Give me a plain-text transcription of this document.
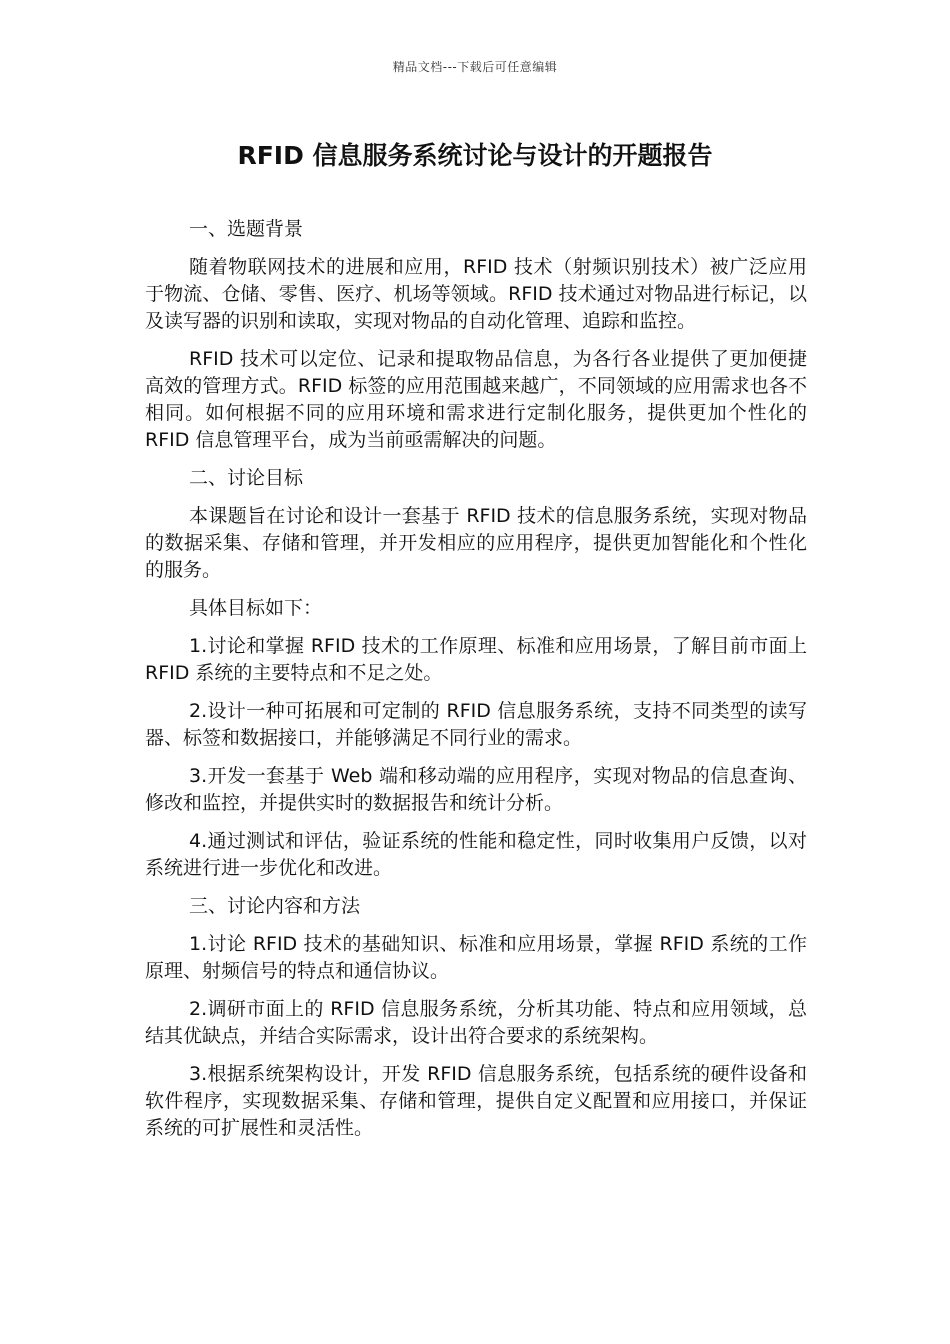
精品文档---下载后可任意编辑
RFID 信息服务系统讨论与设计的开题报告

一、选题背景

随着物联网技术的进展和应用，RFID 技术（射频识别技术）被广泛应用于物流、仓储、零售、医疗、机场等领域。RFID 技术通过对物品进行标记，以及读写器的识别和读取，实现对物品的自动化管理、追踪和监控。

RFID 技术可以定位、记录和提取物品信息，为各行各业提供了更加便捷高效的管理方式。RFID 标签的应用范围越来越广，不同领域的应用需求也各不相同。如何根据不同的应用环境和需求进行定制化服务，提供更加个性化的 RFID 信息管理平台，成为当前亟需解决的问题。

二、讨论目标

本课题旨在讨论和设计一套基于 RFID 技术的信息服务系统，实现对物品的数据采集、存储和管理，并开发相应的应用程序，提供更加智能化和个性化的服务。

具体目标如下：

1.讨论和掌握 RFID 技术的工作原理、标准和应用场景，了解目前市面上 RFID 系统的主要特点和不足之处。

2.设计一种可拓展和可定制的 RFID 信息服务系统，支持不同类型的读写器、标签和数据接口，并能够满足不同行业的需求。

3.开发一套基于 Web 端和移动端的应用程序，实现对物品的信息查询、修改和监控，并提供实时的数据报告和统计分析。

4.通过测试和评估，验证系统的性能和稳定性，同时收集用户反馈，以对系统进行进一步优化和改进。

三、讨论内容和方法

1.讨论 RFID 技术的基础知识、标准和应用场景，掌握 RFID 系统的工作原理、射频信号的特点和通信协议。

2.调研市面上的 RFID 信息服务系统，分析其功能、特点和应用领域，总结其优缺点，并结合实际需求，设计出符合要求的系统架构。

3.根据系统架构设计，开发 RFID 信息服务系统，包括系统的硬件设备和软件程序，实现数据采集、存储和管理，提供自定义配置和应用接口，并保证系统的可扩展性和灵活性。
